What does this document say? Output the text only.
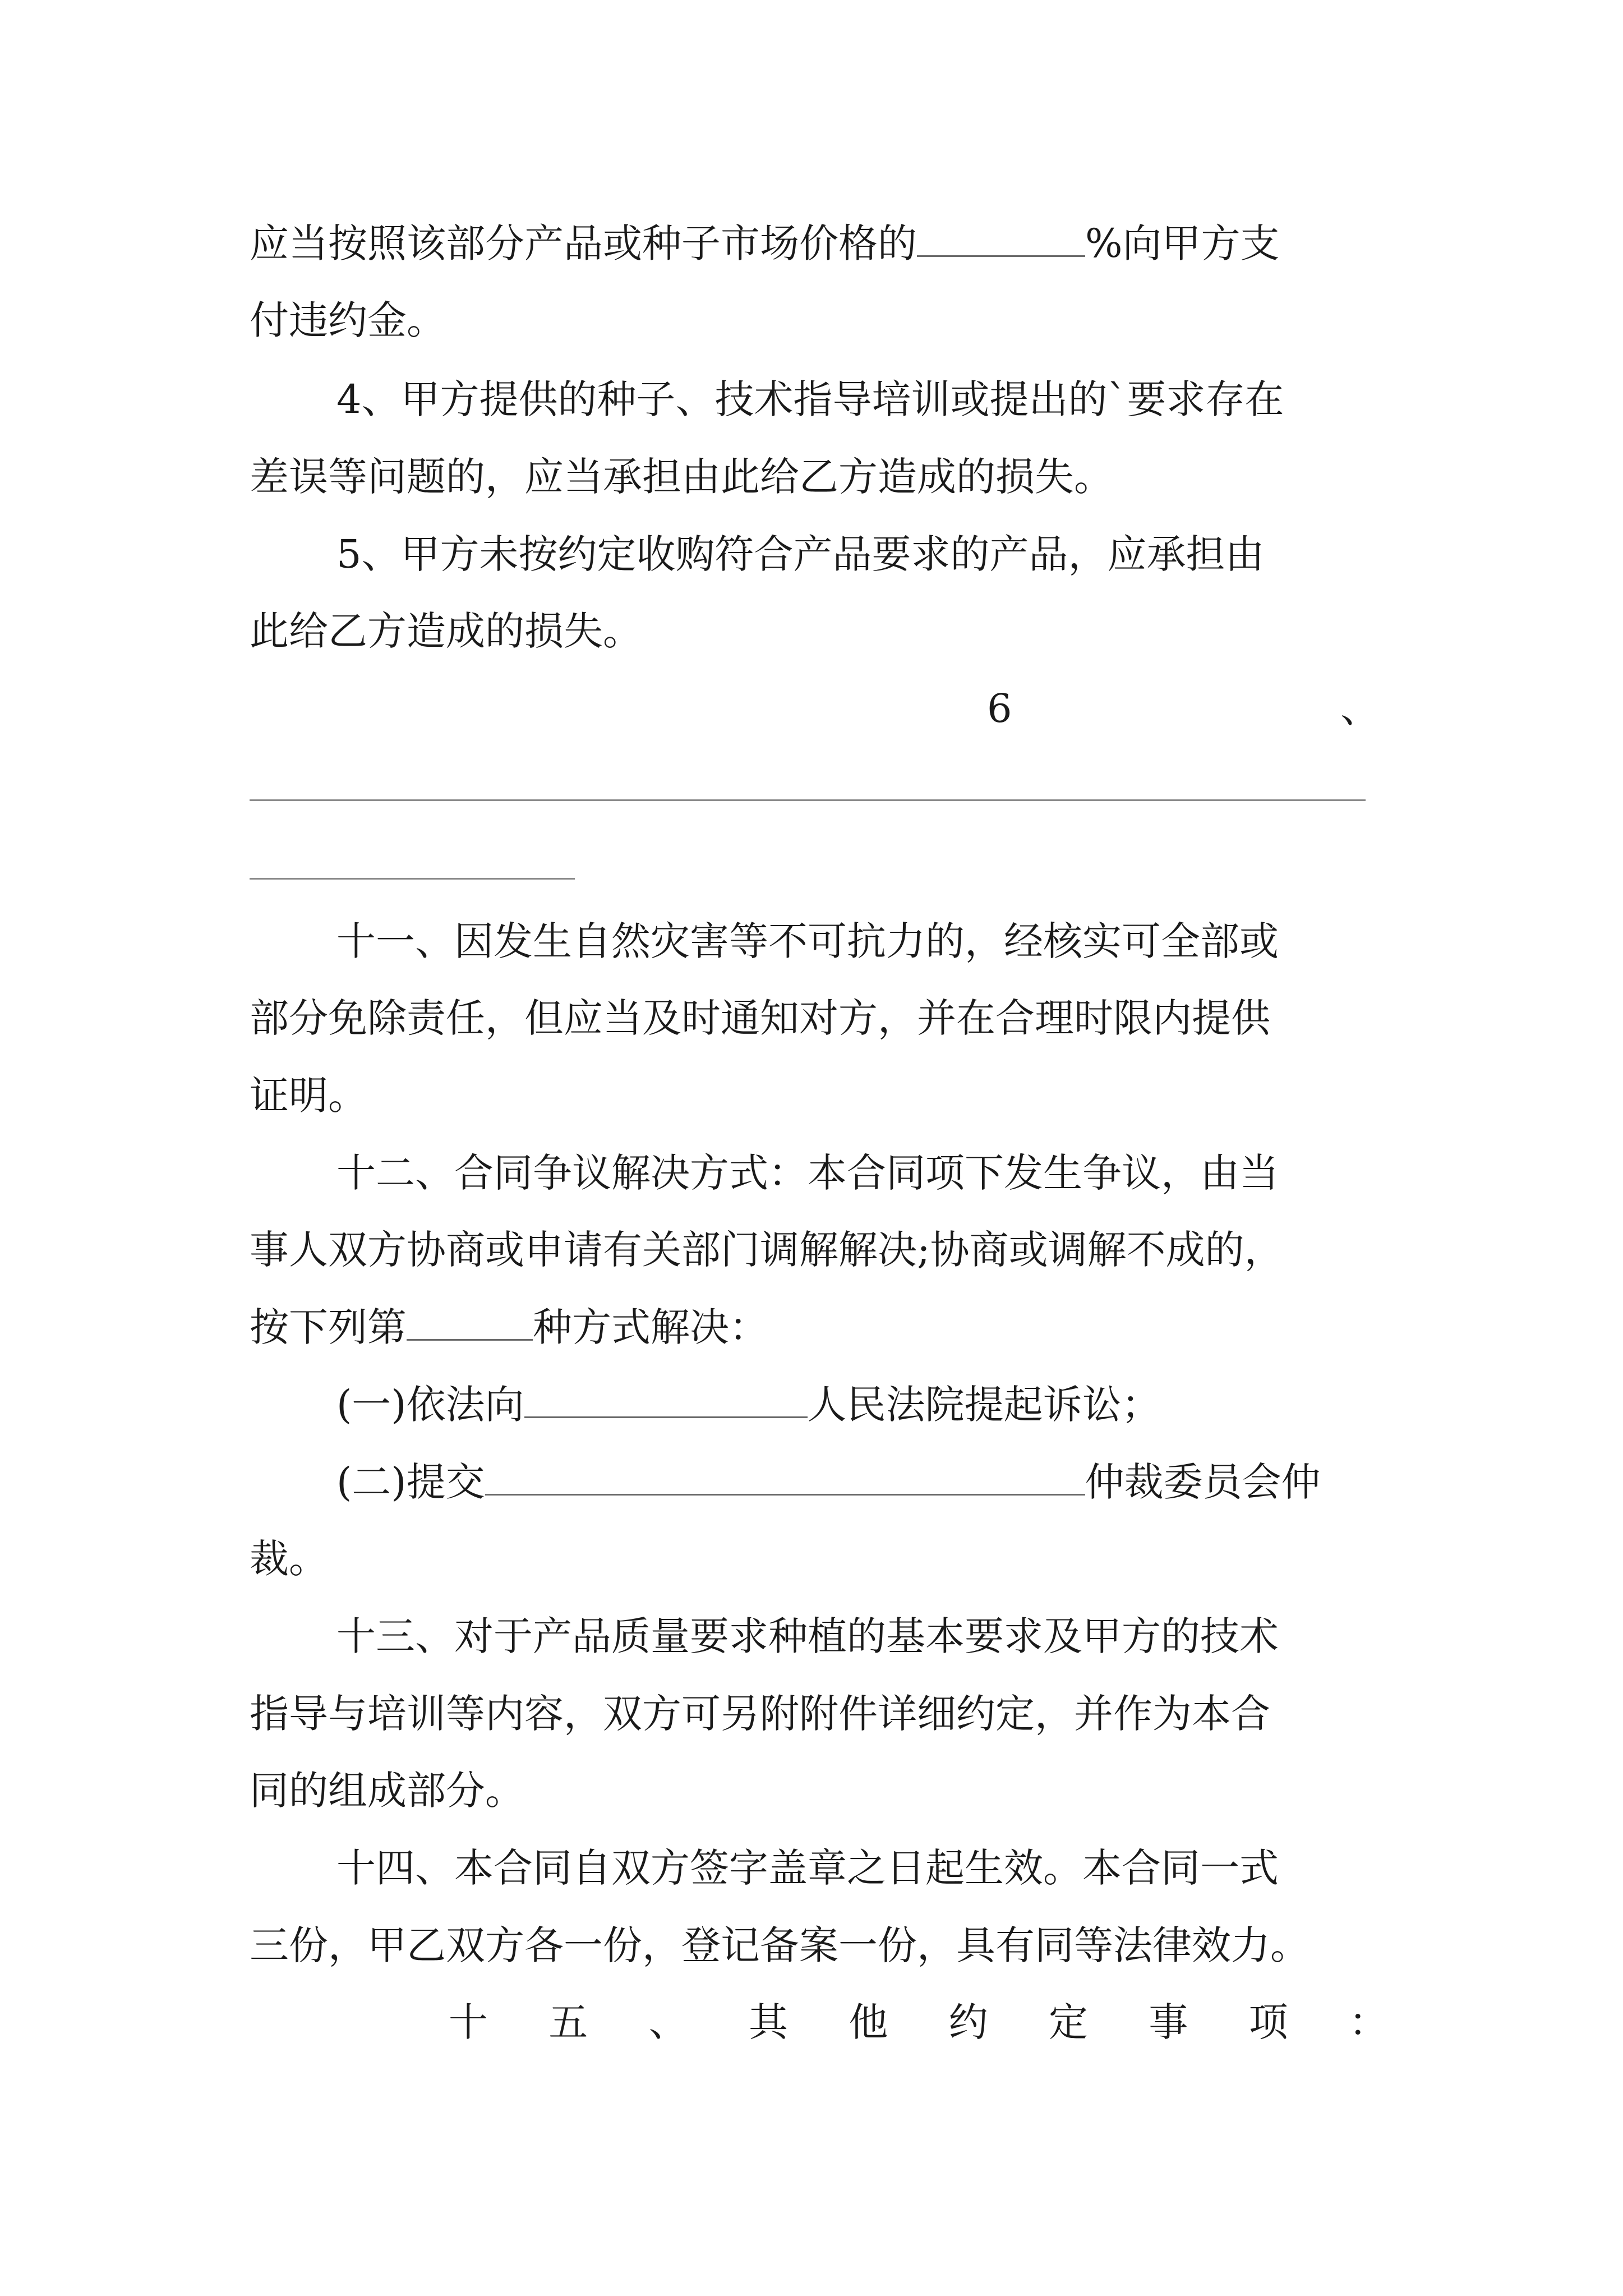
应当按照该部分产品或种子市场价格的	%向甲方支
付违约金。
4、甲方提供的种子、技术指导培训或提出的`要求存在
差误等问题的，应当承担由此给乙方造成的损失。
5、甲方未按约定收购符合产品要求的产品，应承担由
此给乙方造成的损失。
6	、
十一、因发生自然灾害等不可抗力的，经核实可全部或
部分免除责任，但应当及时通知对方，并在合理时限内提供
证明。
十二、合同争议解决方式：本合同项下发生争议，由当
事人双方协商或申请有关部门调解解决;协商或调解不成的，
按下列第	种方式解决：
(一)依法向	人民法院提起诉讼；
(二)提交	仲裁委员会仲
裁。
十三、对于产品质量要求种植的基本要求及甲方的技术
指导与培训等内容，双方可另附附件详细约定，并作为本合
同的组成部分。
十四、本合同自双方签字盖章之日起生效。本合同一式
三份，甲乙双方各一份，登记备案一份，具有同等法律效力。
十 五 、 其 他 约 定 事 项 ：
